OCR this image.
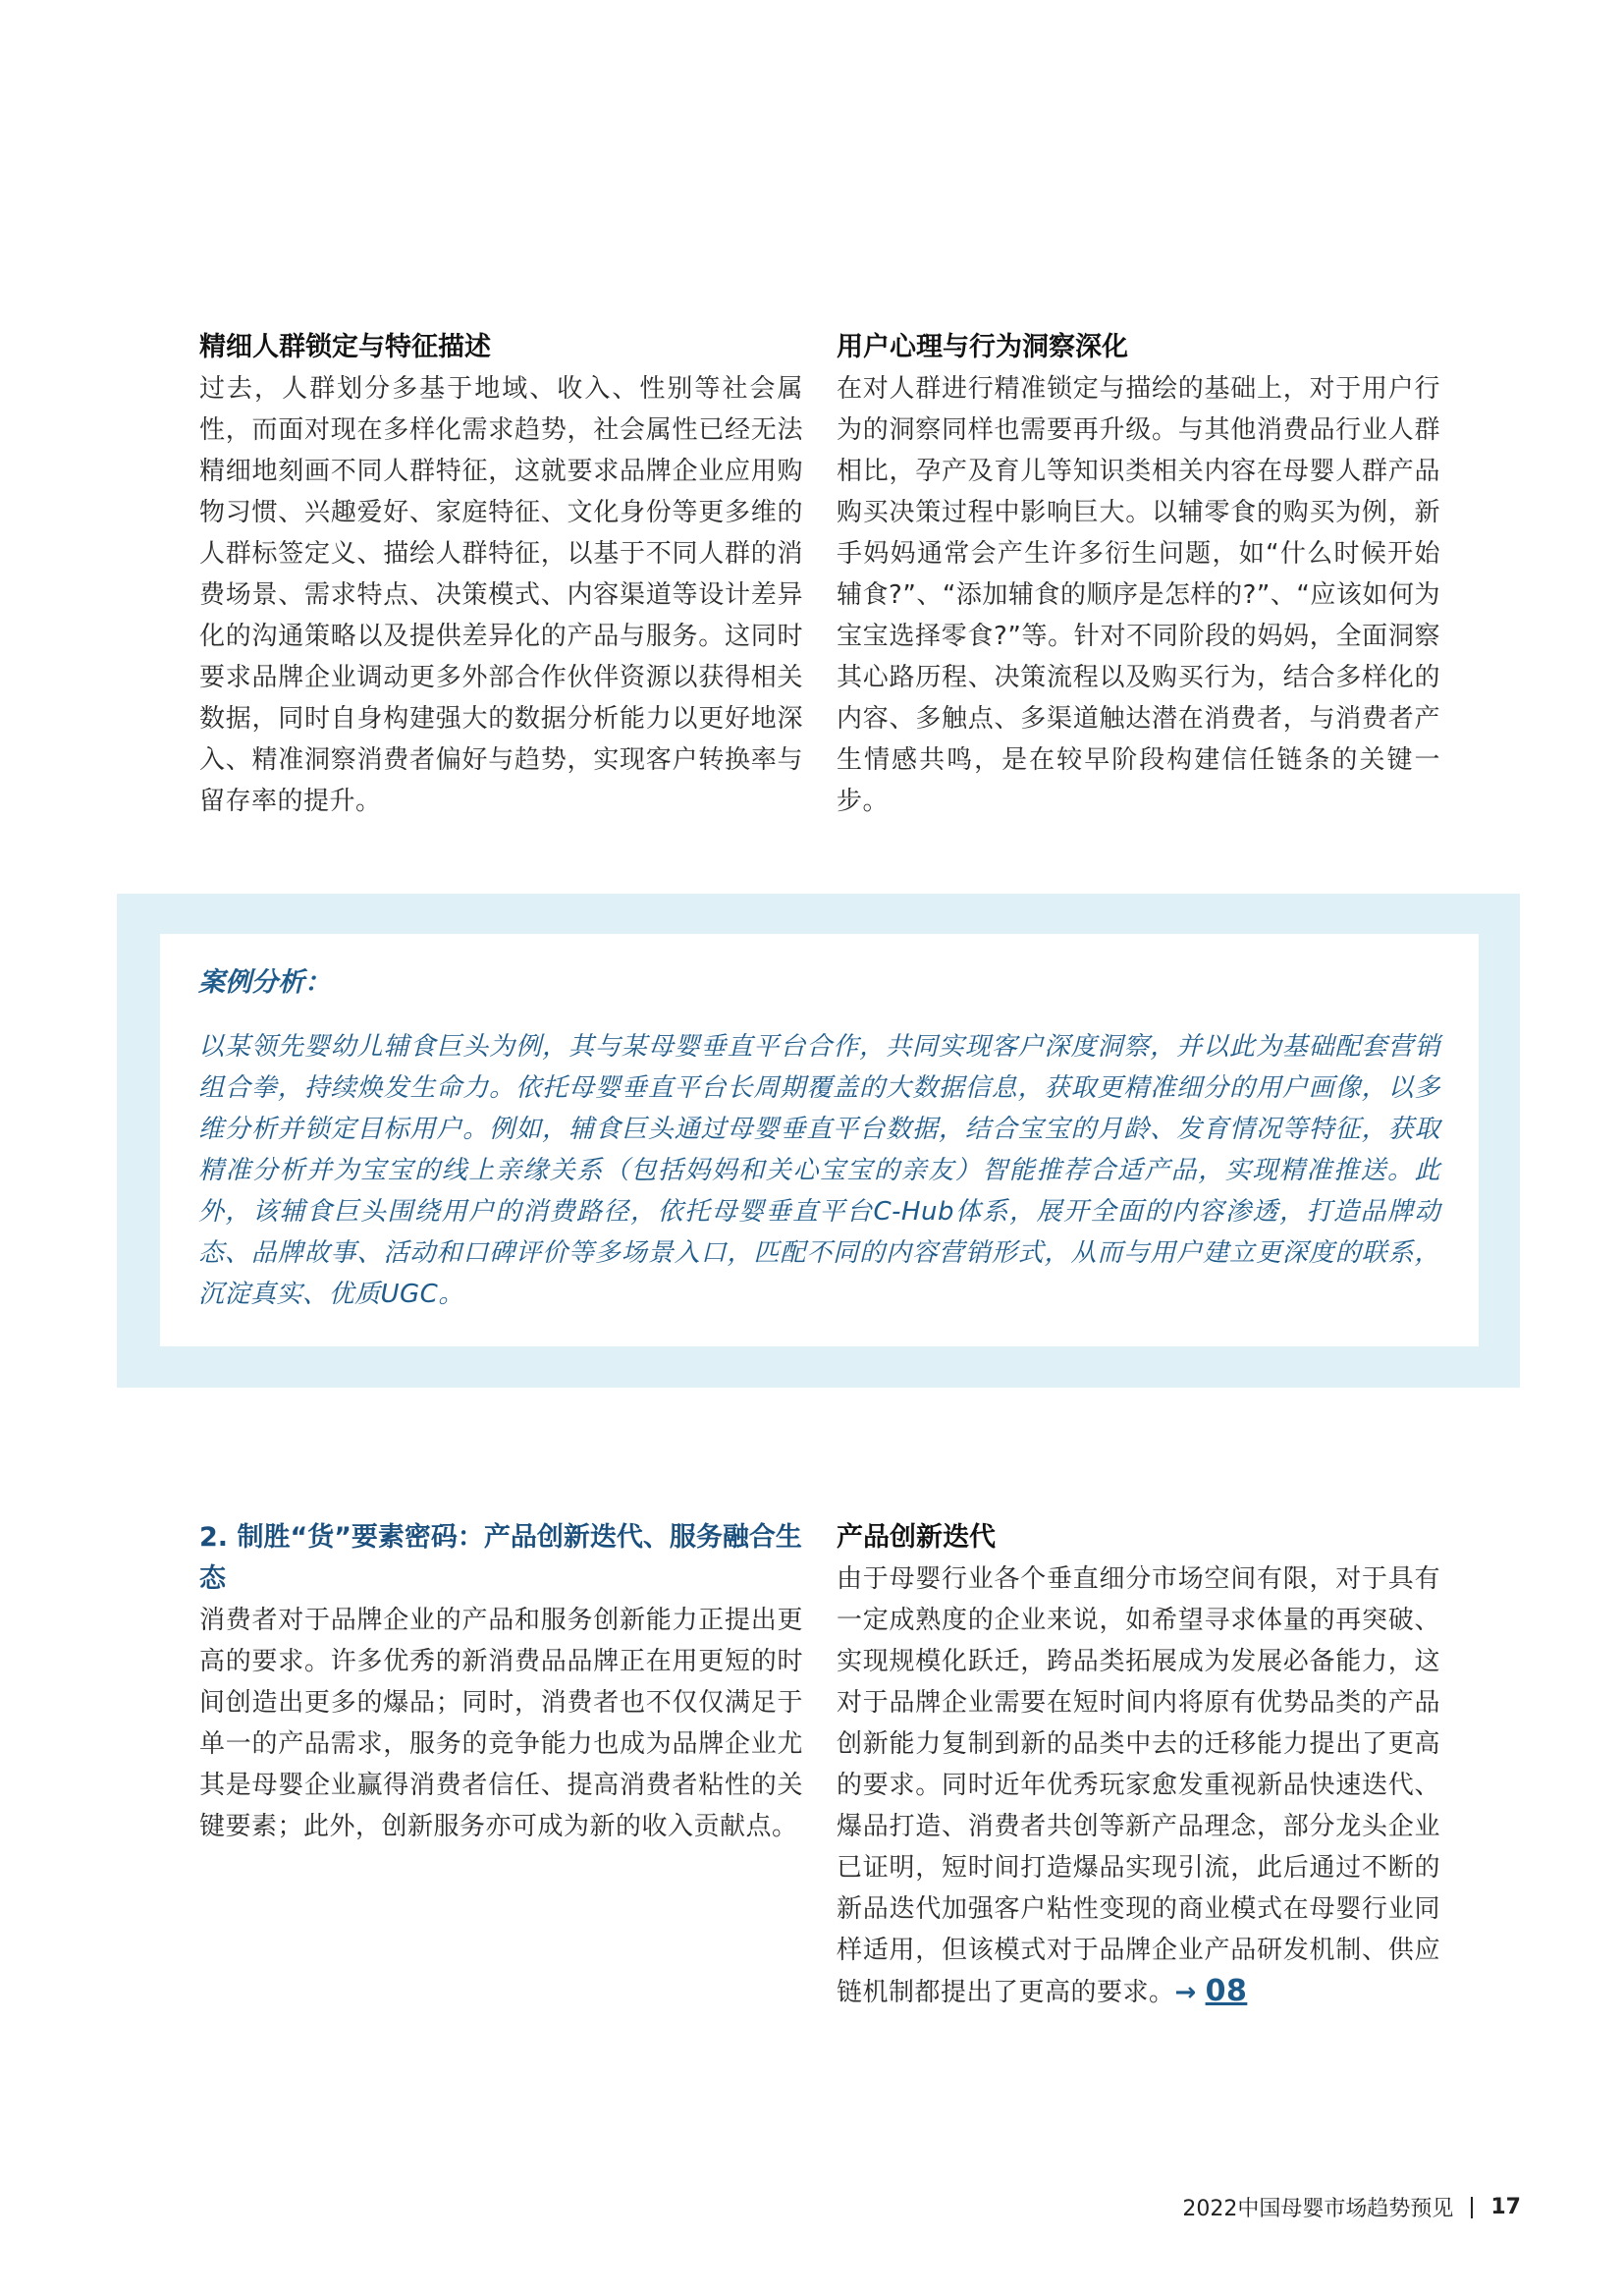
精细人群锁定与特征描述

过去，人群划分多基于地域、收入、性别等社会属性，而面对现在多样化需求趋势，社会属性已经无法精细地刻画不同人群特征，这就要求品牌企业应用购物习惯、兴趣爱好、家庭特征、文化身份等更多维的人群标签定义、描绘人群特征，以基于不同人群的消费场景、需求特点、决策模式、内容渠道等设计差异化的沟通策略以及提供差异化的产品与服务。这同时要求品牌企业调动更多外部合作伙伴资源以获得相关数据，同时自身构建强大的数据分析能力以更好地深入、精准洞察消费者偏好与趋势，实现客户转换率与留存率的提升。

用户心理与行为洞察深化

在对人群进行精准锁定与描绘的基础上，对于用户行为的洞察同样也需要再升级。与其他消费品行业人群相比，孕产及育儿等知识类相关内容在母婴人群产品购买决策过程中影响巨大。以辅零食的购买为例，新手妈妈通常会产生许多衍生问题，如“什么时候开始辅食?”、“添加辅食的顺序是怎样的?”、“应该如何为宝宝选择零食?”等。针对不同阶段的妈妈，全面洞察其心路历程、决策流程以及购买行为，结合多样化的内容、多触点、多渠道触达潜在消费者，与消费者产生情感共鸣，是在较早阶段构建信任链条的关键一步。

案例分析：

以某领先婴幼儿辅食巨头为例，其与某母婴垂直平台合作，共同实现客户深度洞察，并以此为基础配套营销组合拳，持续焕发生命力。依托母婴垂直平台长周期覆盖的大数据信息，获取更精准细分的用户画像，以多维分析并锁定目标用户。例如，辅食巨头通过母婴垂直平台数据，结合宝宝的月龄、发育情况等特征，获取精准分析并为宝宝的线上亲缘关系（包括妈妈和关心宝宝的亲友）智能推荐合适产品，实现精准推送。此外，该辅食巨头围绕用户的消费路径，依托母婴垂直平台C-Hub体系，展开全面的内容渗透，打造品牌动态、品牌故事、活动和口碑评价等多场景入口，匹配不同的内容营销形式，从而与用户建立更深度的联系，沉淀真实、优质UGC。

2. 制胜“货”要素密码：产品创新迭代、服务融合生态

消费者对于品牌企业的产品和服务创新能力正提出更高的要求。许多优秀的新消费品品牌正在用更短的时间创造出更多的爆品；同时，消费者也不仅仅满足于单一的产品需求，服务的竞争能力也成为品牌企业尤其是母婴企业赢得消费者信任、提高消费者粘性的关键要素；此外，创新服务亦可成为新的收入贡献点。

产品创新迭代

由于母婴行业各个垂直细分市场空间有限，对于具有一定成熟度的企业来说，如希望寻求体量的再突破、实现规模化跃迁，跨品类拓展成为发展必备能力，这对于品牌企业需要在短时间内将原有优势品类的产品创新能力复制到新的品类中去的迁移能力提出了更高的要求。同时近年优秀玩家愈发重视新品快速迭代、爆品打造、消费者共创等新产品理念，部分龙头企业已证明，短时间打造爆品实现引流，此后通过不断的新品迭代加强客户粘性变现的商业模式在母婴行业同样适用，但该模式对于品牌企业产品研发机制、供应链机制都提出了更高的要求。→ 08

2022中国母婴市场趋势预见 17
